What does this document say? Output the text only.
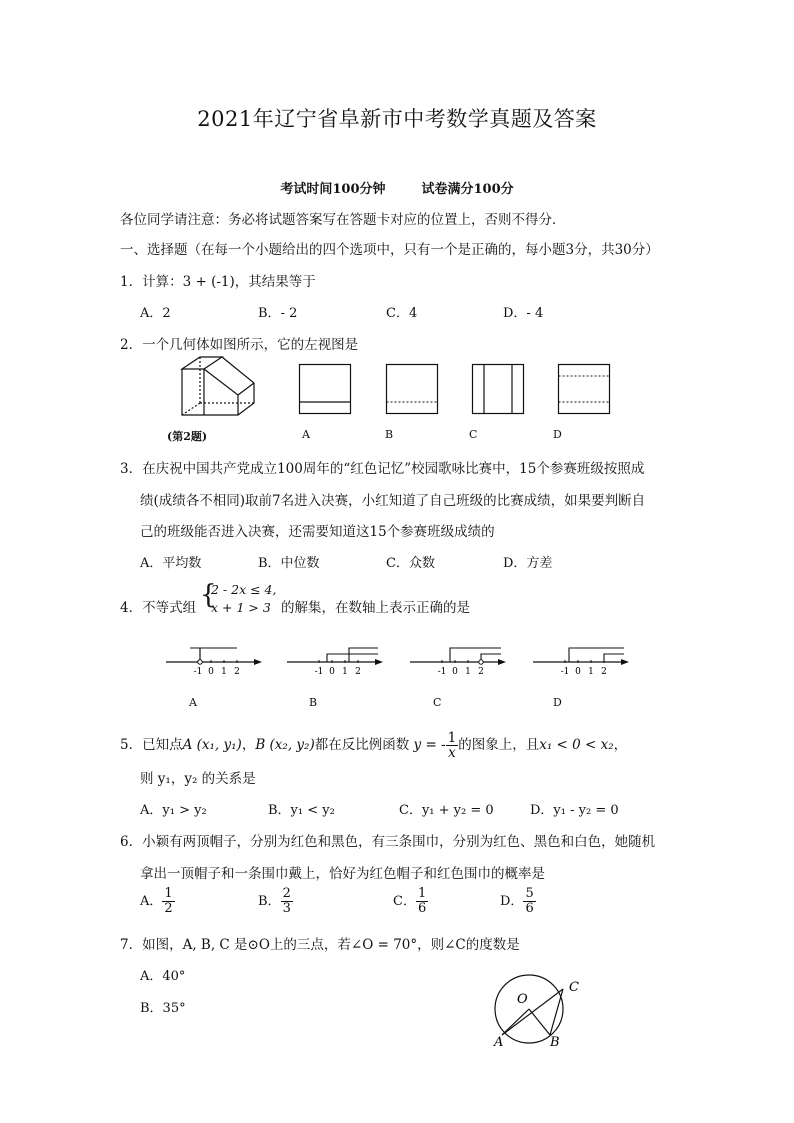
2021年辽宁省阜新市中考数学真题及答案
考试时间100分钟	试卷满分100分
各位同学请注意：务必将试题答案写在答题卡对应的位置上，否则不得分．
一、选择题（在每一个小题给出的四个选项中，只有一个是正确的，每小题3分，共30分）
1．计算：3 + (-1)，其结果等于
A．2	B．- 2	C．4	D．- 4
2．一个几何体如图所示，它的左视图是
(第2题)	A	B	C	D
3．在庆祝中国共产党成立100周年的“红色记忆”校园歌咏比赛中，15个参赛班级按照成
绩(成绩各不相同)取前7名进入决赛，小红知道了自己班级的比赛成绩，如果要判断自
己的班级能否进入决赛，还需要知道这15个参赛班级成绩的
A．平均数	B．中位数	C．众数	D．方差
4．不等式组 {
2 - 2x ≤ 4,
x + 1 > 3 的解集，在数轴上表示正确的是
-1 0 1 2	-1 0 1 2	-1 0 1 2	-1 0 1 2
A	B	C	D
5．已知点A (x₁, y₁)，B (x₂, y₂)都在反比例函数 y = - $\frac{1}{x}$ 的图象上，且x₁ < 0 < x₂，
则 y₁，y₂ 的关系是
A．y₁ > y₂	B．y₁ < y₂	C．y₁ + y₂ = 0	D．y₁ - y₂ = 0
6．小颖有两顶帽子，分别为红色和黑色，有三条围巾，分别为红色、黑色和白色，她随机
拿出一顶帽子和一条围巾戴上，恰好为红色帽子和红色围巾的概率是
A． $\frac{1}{2}$	B． $\frac{2}{3}$	C． $\frac{1}{6}$	D． $\frac{5}{6}$
7．如图，A, B, C 是⊙O上的三点，若∠O = 70°，则∠C的度数是
A．40°
B．35°
O
C
A	B
